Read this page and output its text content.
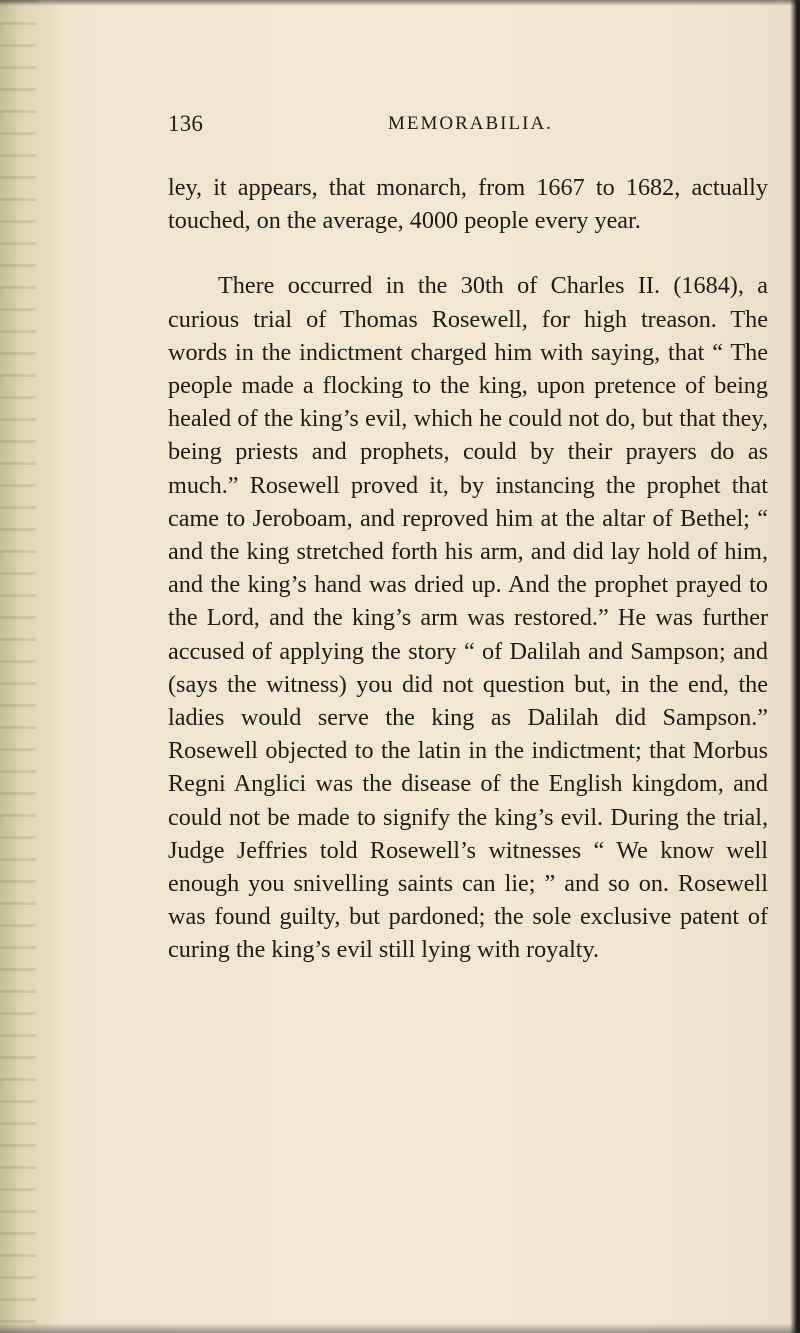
136	MEMORABILIA.

ley, it appears, that monarch, from 1667 to 1682, actually touched, on the average, 4000 people every year.

There occurred in the 30th of Charles II. (1684), a curious trial of Thomas Rosewell, for high treason. The words in the indictment charged him with saying, that “ The people made a flocking to the king, upon pretence of being healed of the king’s evil, which he could not do, but that they, being priests and prophets, could by their prayers do as much.” Rosewell proved it, by instancing the prophet that came to Jeroboam, and reproved him at the altar of Bethel; “ and the king stretched forth his arm, and did lay hold of him, and the king’s hand was dried up. And the prophet prayed to the Lord, and the king’s arm was restored.” He was further accused of applying the story “ of Dalilah and Sampson; and (says the witness) you did not question but, in the end, the ladies would serve the king as Dalilah did Sampson.” Rosewell objected to the latin in the indictment; that Morbus Regni Anglici was the disease of the English kingdom, and could not be made to signify the king’s evil. During the trial, Judge Jeffries told Rosewell’s witnesses “ We know well enough you snivelling saints can lie; ” and so on. Rosewell was found guilty, but pardoned; the sole exclusive patent of curing the king’s evil still lying with royalty.
